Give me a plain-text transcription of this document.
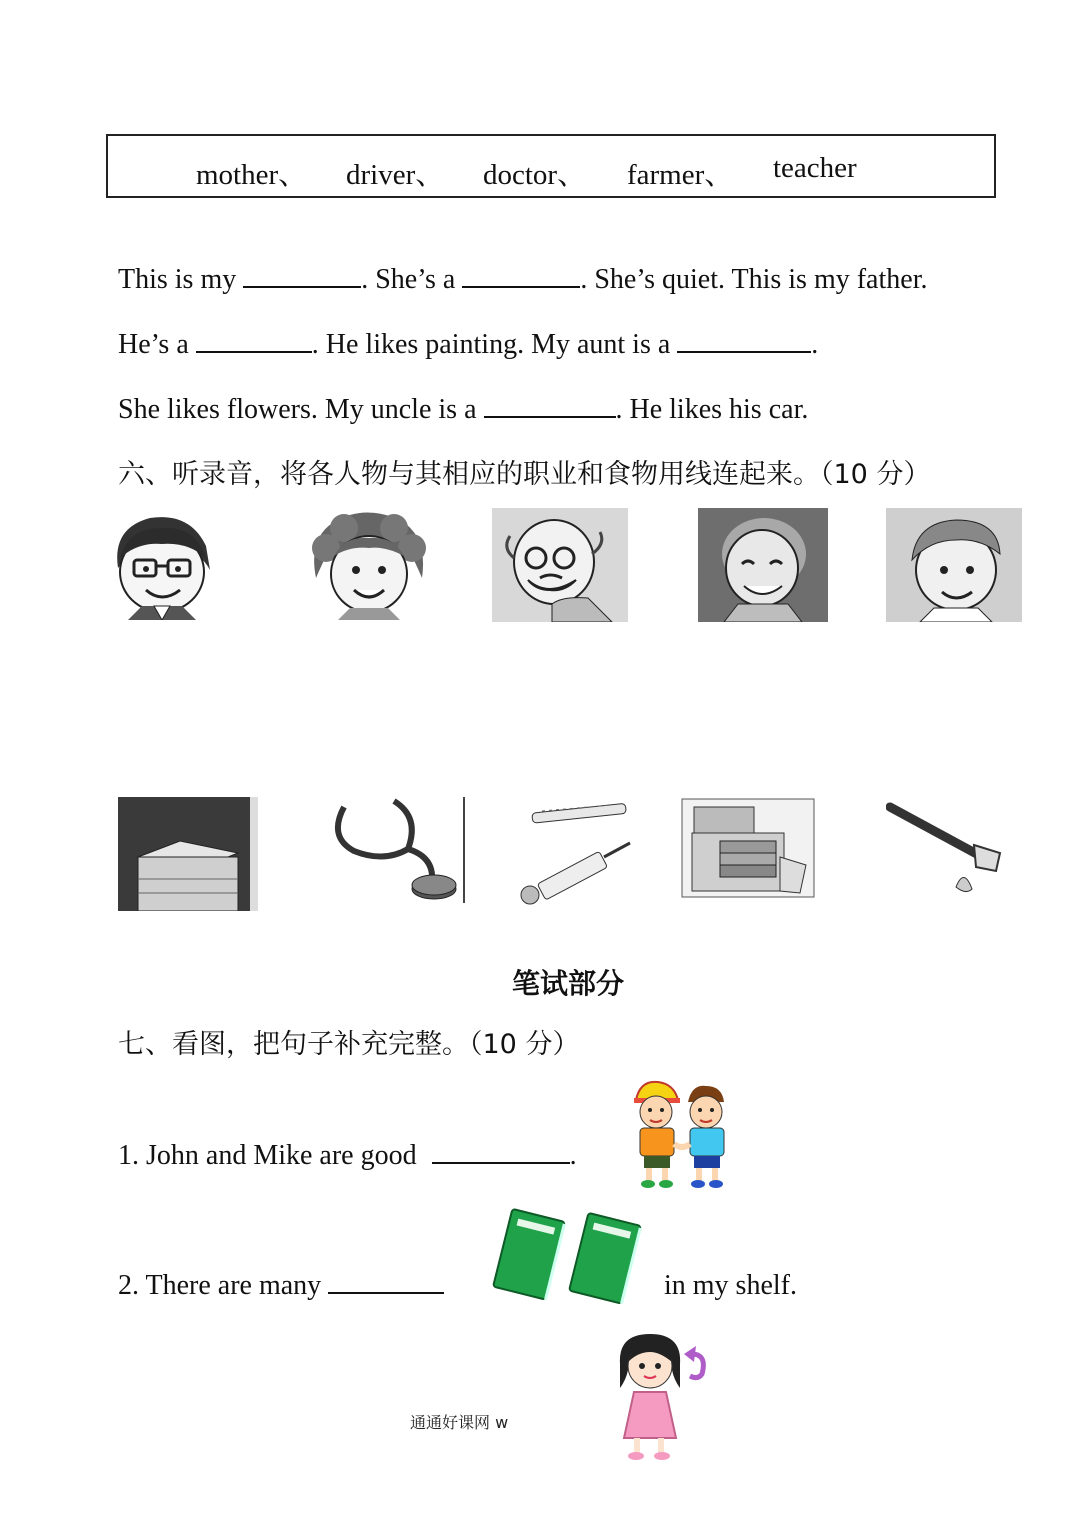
mother、 driver、 doctor、 farmer、 teacher
This is my	. She’s a	. She’s quiet. This is my father.
He’s a	. He likes painting. My aunt is a	.
She likes flowers. My uncle is a	. He likes his car.
六、听录音，将各人物与其相应的职业和食物用线连起来。（10 分）
笔试部分
七、看图，把句子补充完整。（10 分）
1. John and Mike are good	.
2. There are many	in my shelf.
通通好课网 w
